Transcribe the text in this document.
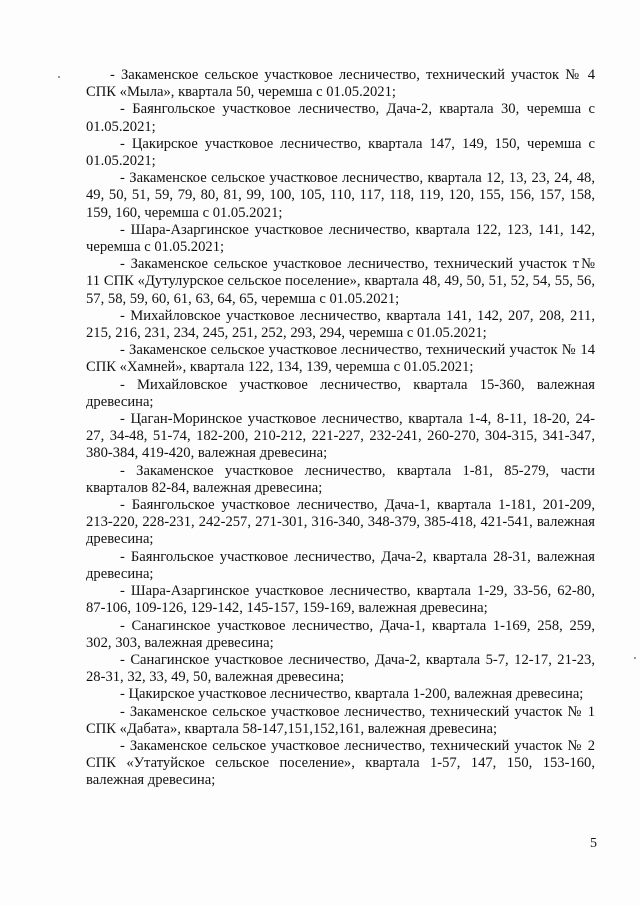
- Закаменское сельское участковое лесничество, технический участок № 4 СПК «Мыла», квартала 50, черемша с 01.05.2021;

- Баянгольское участковое лесничество, Дача-2, квартала 30, черемша с 01.05.2021;

- Цакирское участковое лесничество, квартала 147, 149, 150, черемша с 01.05.2021;

- Закаменское сельское участковое лесничество, квартала 12, 13, 23, 24, 48, 49, 50, 51, 59, 79, 80, 81, 99, 100, 105, 110, 117, 118, 119, 120, 155, 156, 157, 158, 159, 160, черемша с 01.05.2021;

- Шара-Азаргинское участковое лесничество, квартала 122, 123, 141, 142, черемша с 01.05.2021;

- Закаменское сельское участковое лесничество, технический участок т№ 11 СПК «Дутулурское сельское поселение», квартала 48, 49, 50, 51, 52, 54, 55, 56, 57, 58, 59, 60, 61, 63, 64, 65, черемша с 01.05.2021;

- Михайловское участковое лесничество, квартала 141, 142, 207, 208, 211, 215, 216, 231, 234, 245, 251, 252, 293, 294, черемша с 01.05.2021;

- Закаменское сельское участковое лесничество, технический участок № 14 СПК «Хамней», квартала 122, 134, 139, черемша с 01.05.2021;

- Михайловское участковое лесничество, квартала 15-360, валежная древесина;

- Цаган-Моринское участковое лесничество, квартала 1-4, 8-11, 18-20, 24-27, 34-48, 51-74, 182-200, 210-212, 221-227, 232-241, 260-270, 304-315, 341-347, 380-384, 419-420, валежная древесина;

- Закаменское участковое лесничество, квартала 1-81, 85-279, части кварталов 82-84, валежная древесина;

- Баянгольское участковое лесничество, Дача-1, квартала 1-181, 201-209, 213-220, 228-231, 242-257, 271-301, 316-340, 348-379, 385-418, 421-541, валежная древесина;

- Баянгольское участковое лесничество, Дача-2, квартала 28-31, валежная древесина;

- Шара-Азаргинское участковое лесничество, квартала 1-29, 33-56, 62-80, 87-106, 109-126, 129-142, 145-157, 159-169, валежная древесина;

- Санагинское участковое лесничество, Дача-1, квартала 1-169, 258, 259, 302, 303, валежная древесина;

- Санагинское участковое лесничество, Дача-2, квартала 5-7, 12-17, 21-23, 28-31, 32, 33, 49, 50, валежная древесина;

- Цакирское участковое лесничество, квартала 1-200, валежная древесина;

- Закаменское сельское участковое лесничество, технический участок № 1 СПК «Дабата», квартала 58-147,151,152,161, валежная древесина;

- Закаменское сельское участковое лесничество, технический участок № 2 СПК «Утатуйское сельское поселение», квартала 1-57, 147, 150, 153-160, валежная древесина;

5
